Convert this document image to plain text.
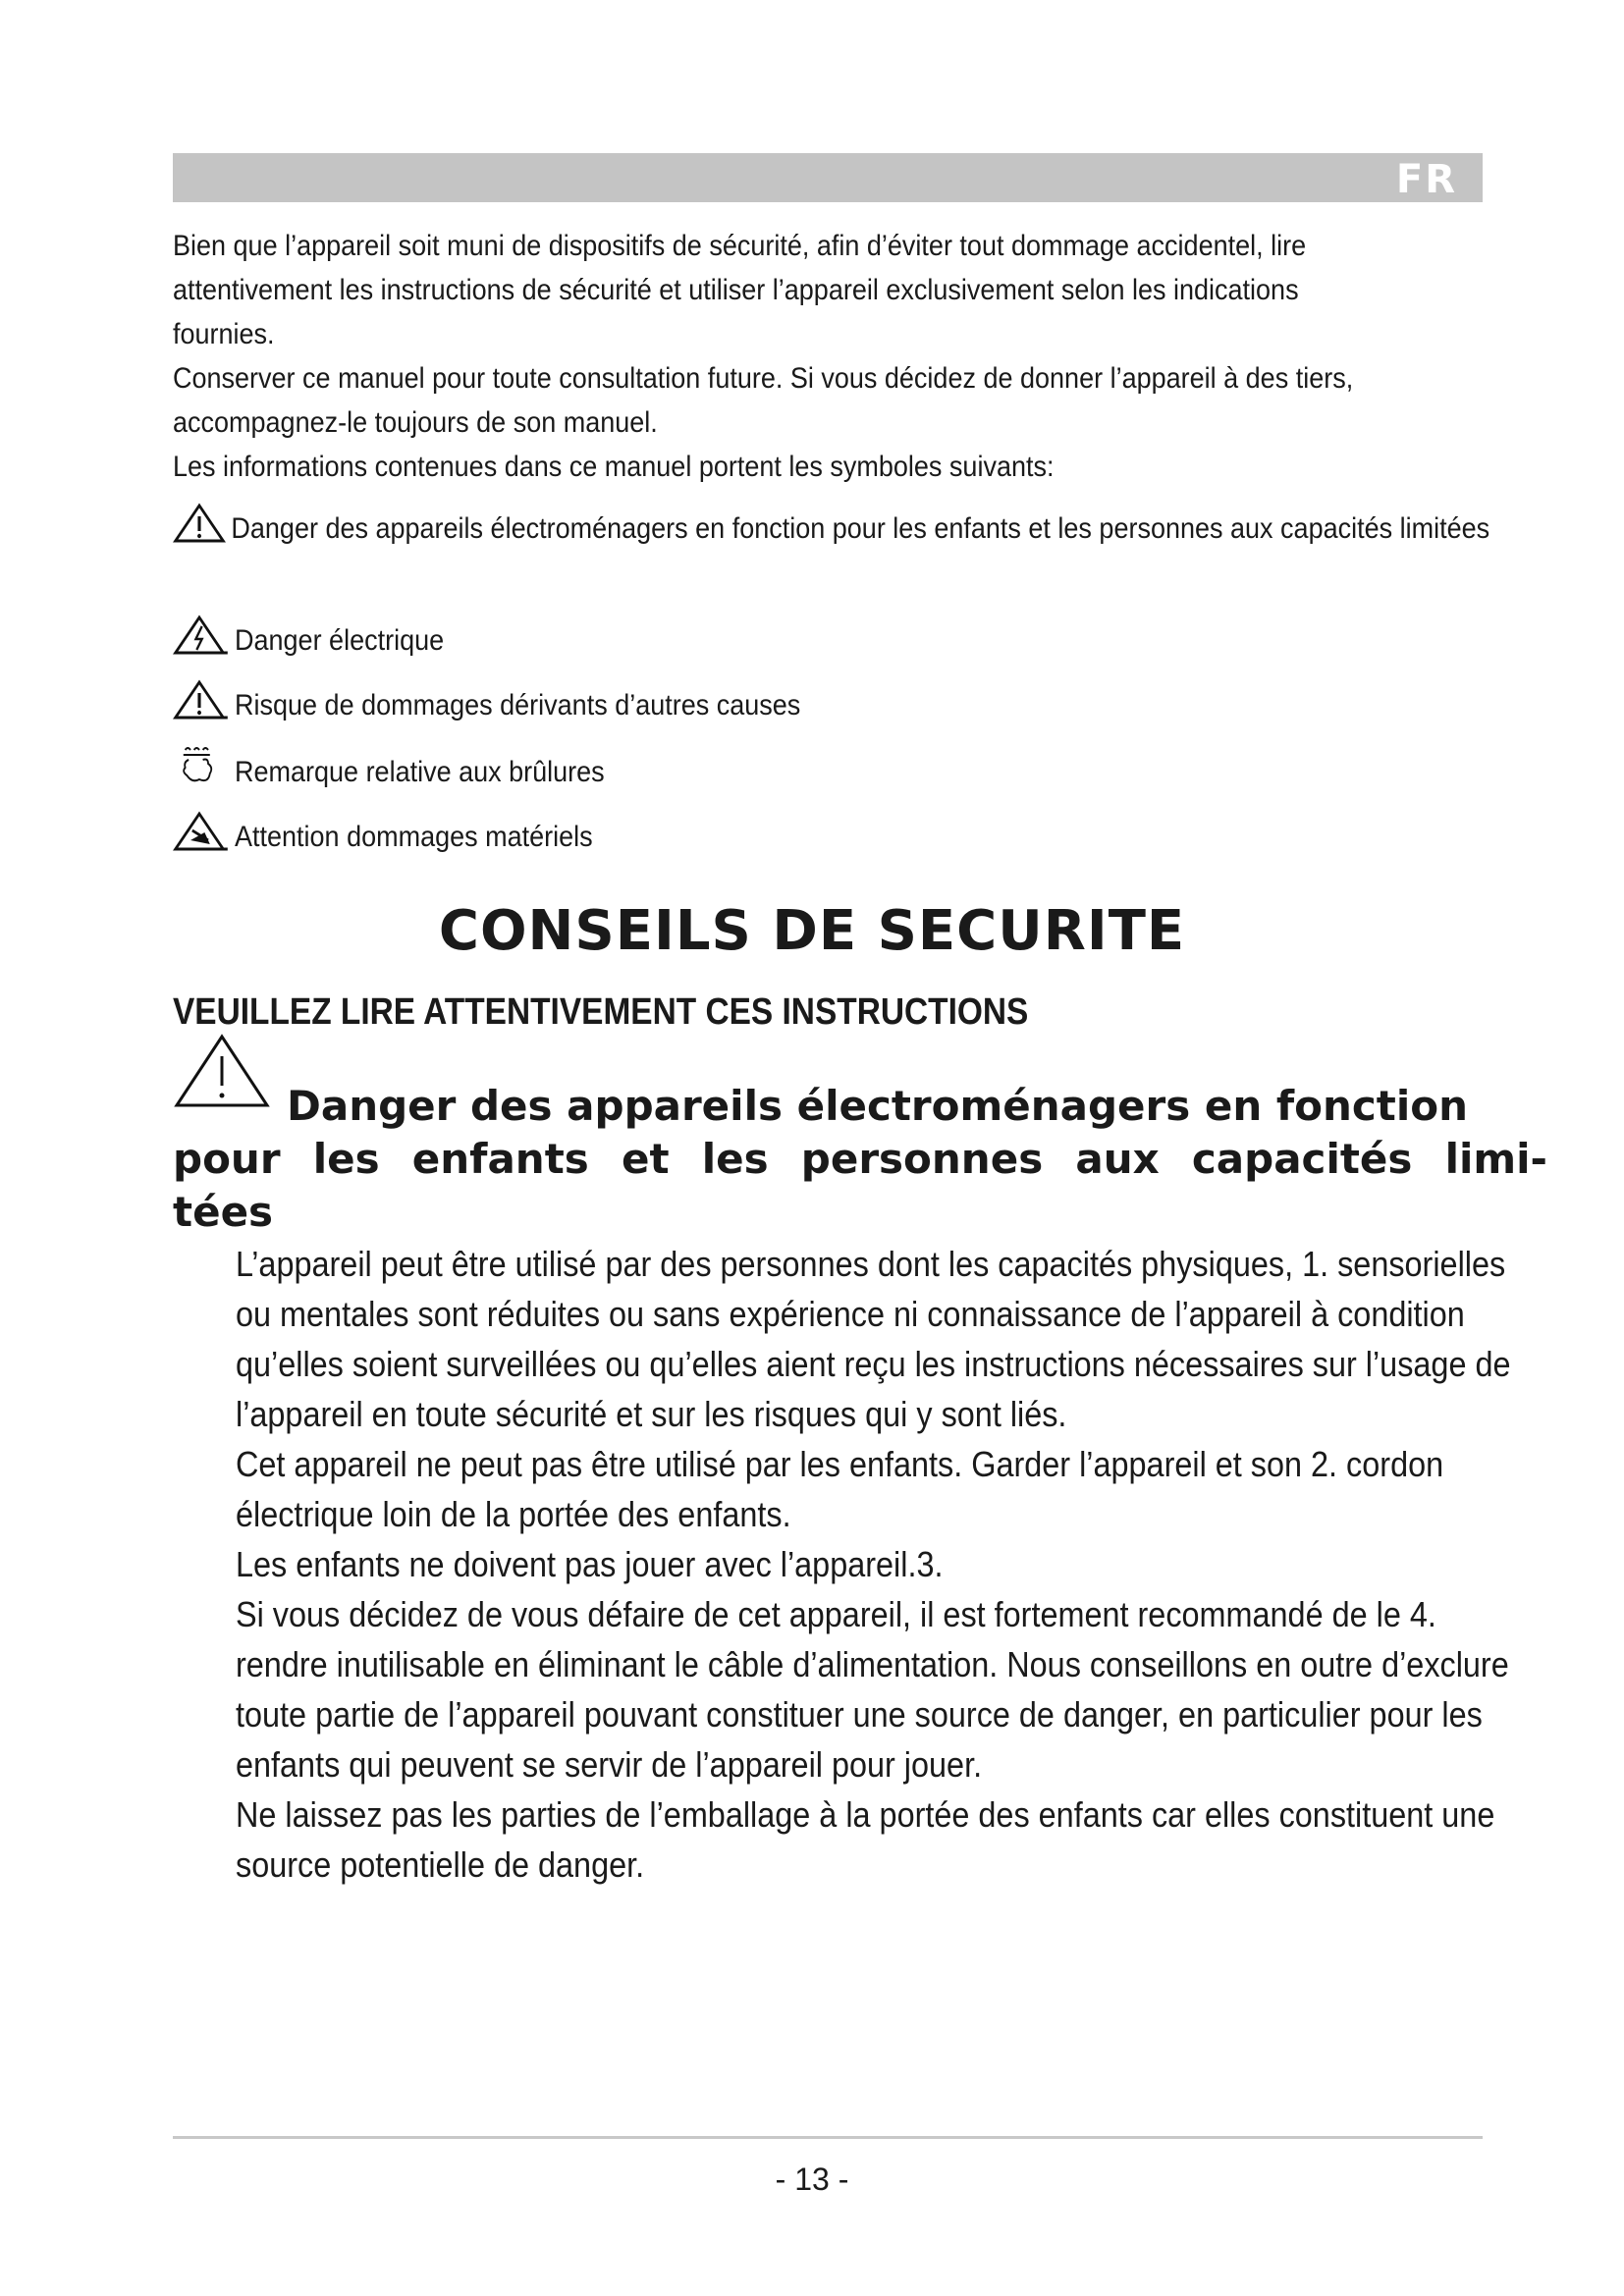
FR

Bien que l’appareil soit muni de dispositifs de sécurité, afin d’éviter tout dommage accidentel, lire attentivement les instructions de sécurité et utiliser l’appareil exclusivement selon les indications fournies.

Conserver ce manuel pour toute consultation future. Si vous décidez de donner l’appareil à des tiers, accompagnez-le toujours de son manuel.

Les informations contenues dans ce manuel portent les symboles suivants:

Danger des appareils électroménagers en fonction pour les enfants et les personnes aux capacités limitées
Danger électrique
Risque de dommages dérivants d’autres causes
Remarque relative aux brûlures
Attention dommages matériels
CONSEILS DE SECURITE
VEUILLEZ LIRE ATTENTIVEMENT CES INSTRUCTIONS
Danger des appareils électroménagers en fonction
pour les enfants et les personnes aux capacités limi-
tées

L’appareil peut être utilisé par des personnes dont les capacités physiques, 1. sensorielles ou mentales sont réduites ou sans expérience ni connaissance de l’appareil à condition qu’elles soient surveillées ou qu’elles aient reçu les instructions nécessaires sur l’usage de l’appareil en toute sécurité et sur les risques qui y sont liés.

Cet appareil ne peut pas être utilisé par les enfants. Garder l’appareil et son 2. cordon électrique loin de la portée des enfants.

Les enfants ne doivent pas jouer avec l’appareil.3.

Si vous décidez de vous défaire de cet appareil, il est fortement recommandé de le 4. rendre inutilisable en éliminant le câble d’alimentation. Nous conseillons en outre d’exclure toute partie de l’appareil pouvant constituer une source de danger, en particulier pour les enfants qui peuvent se servir de l’appareil pour jouer.

Ne laissez pas les parties de l’emballage à la portée des enfants car elles constituent une source potentielle de danger.

- 13 -
